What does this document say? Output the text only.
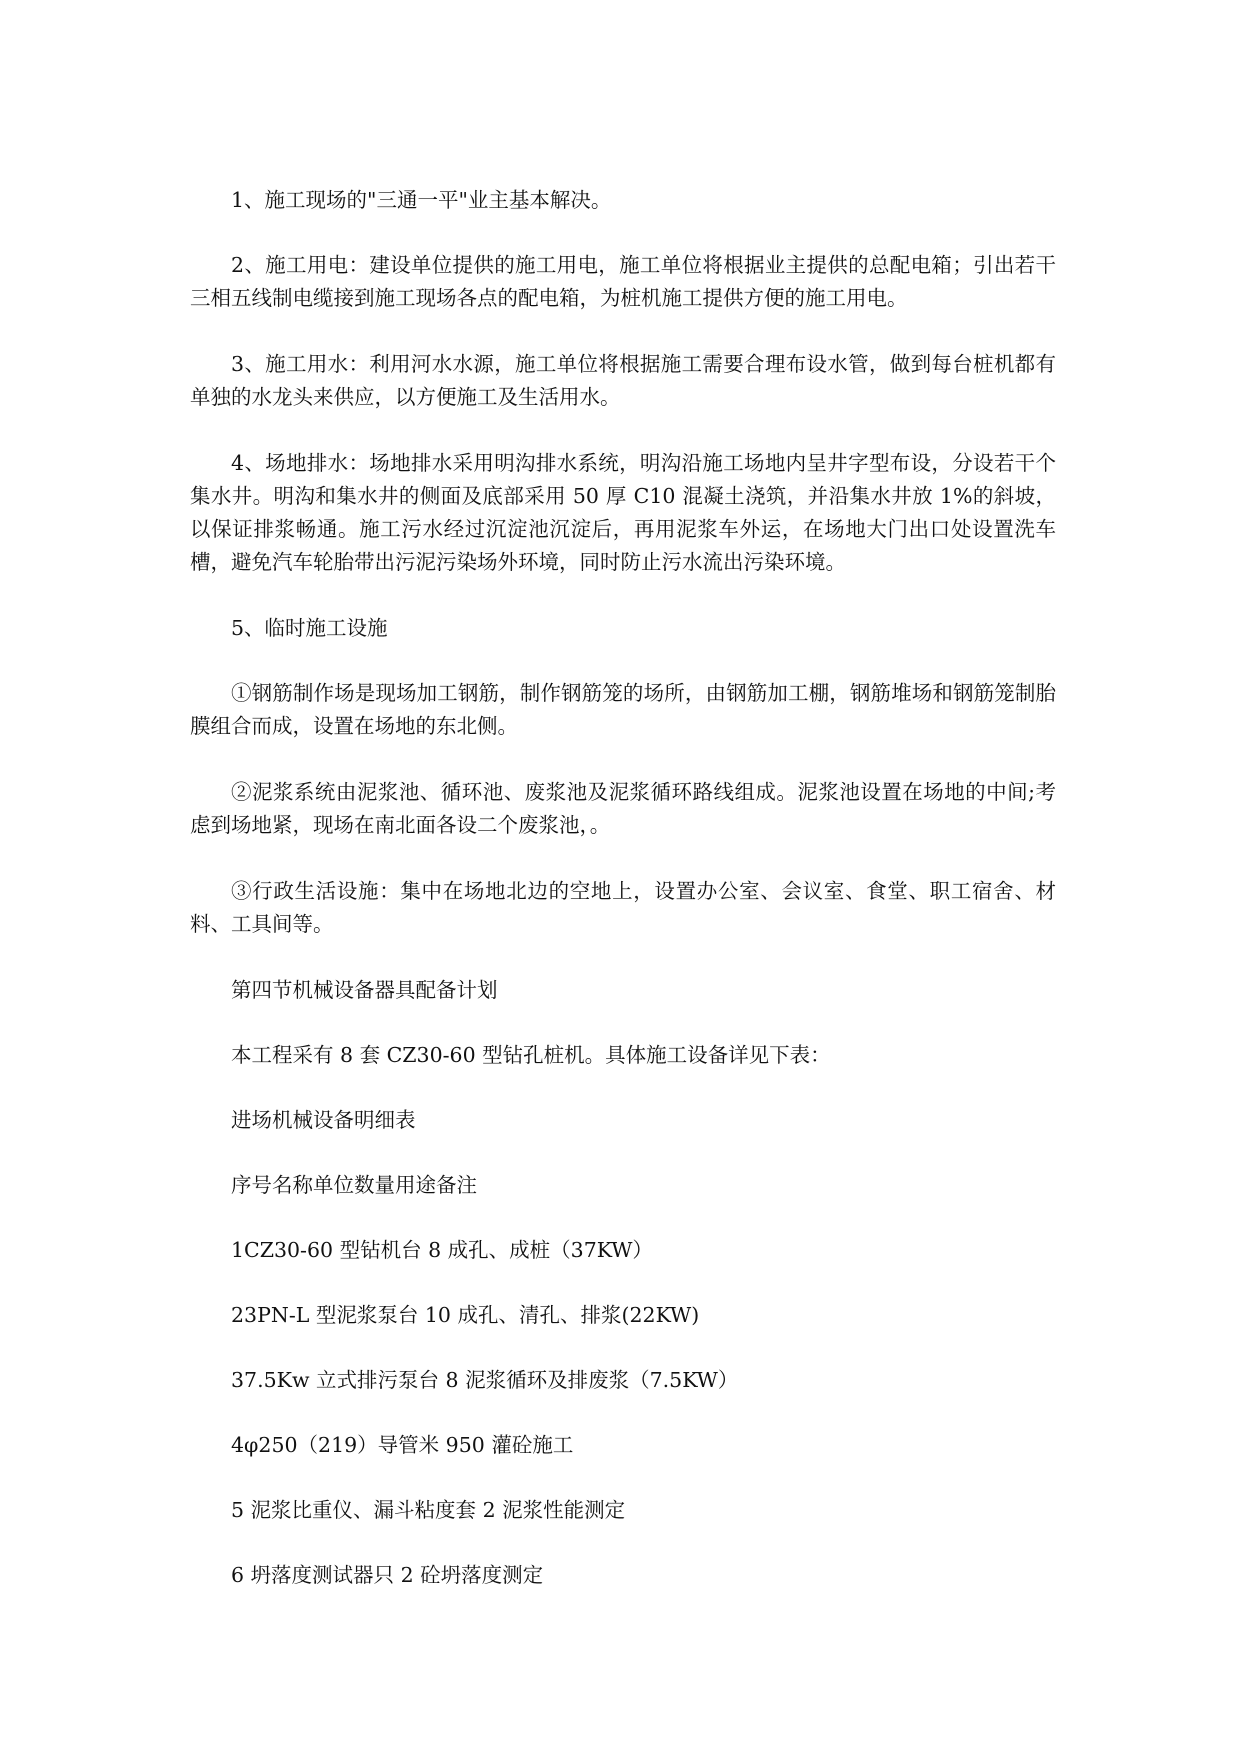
1、施工现场的"三通一平"业主基本解决。

2、施工用电：建设单位提供的施工用电，施工单位将根据业主提供的总配电箱；引出若干三相五线制电缆接到施工现场各点的配电箱，为桩机施工提供方便的施工用电。

3、施工用水：利用河水水源，施工单位将根据施工需要合理布设水管，做到每台桩机都有单独的水龙头来供应，以方便施工及生活用水。

4、场地排水：场地排水采用明沟排水系统，明沟沿施工场地内呈井字型布设，分设若干个集水井。明沟和集水井的侧面及底部采用 50 厚 C10 混凝土浇筑，并沿集水井放 1%的斜坡，以保证排浆畅通。施工污水经过沉淀池沉淀后，再用泥浆车外运，在场地大门出口处设置洗车槽，避免汽车轮胎带出污泥污染场外环境，同时防止污水流出污染环境。

5、临时施工设施

①钢筋制作场是现场加工钢筋，制作钢筋笼的场所，由钢筋加工棚，钢筋堆场和钢筋笼制胎膜组合而成，设置在场地的东北侧。

②泥浆系统由泥浆池、循环池、废浆池及泥浆循环路线组成。泥浆池设置在场地的中间;考虑到场地紧，现场在南北面各设二个废浆池，。

③行政生活设施：集中在场地北边的空地上，设置办公室、会议室、食堂、职工宿舍、材料、工具间等。

第四节机械设备器具配备计划

本工程采有 8 套 CZ30-60 型钻孔桩机。具体施工设备详见下表：

进场机械设备明细表

序号名称单位数量用途备注

1CZ30-60 型钻机台 8 成孔、成桩（37KW）

23PN-L 型泥浆泵台 10 成孔、清孔、排浆(22KW)

37.5Kw 立式排污泵台 8 泥浆循环及排废浆（7.5KW）

4φ250（219）导管米 950 灌砼施工

5 泥浆比重仪、漏斗粘度套 2 泥浆性能测定

6 坍落度测试器只 2 砼坍落度测定
